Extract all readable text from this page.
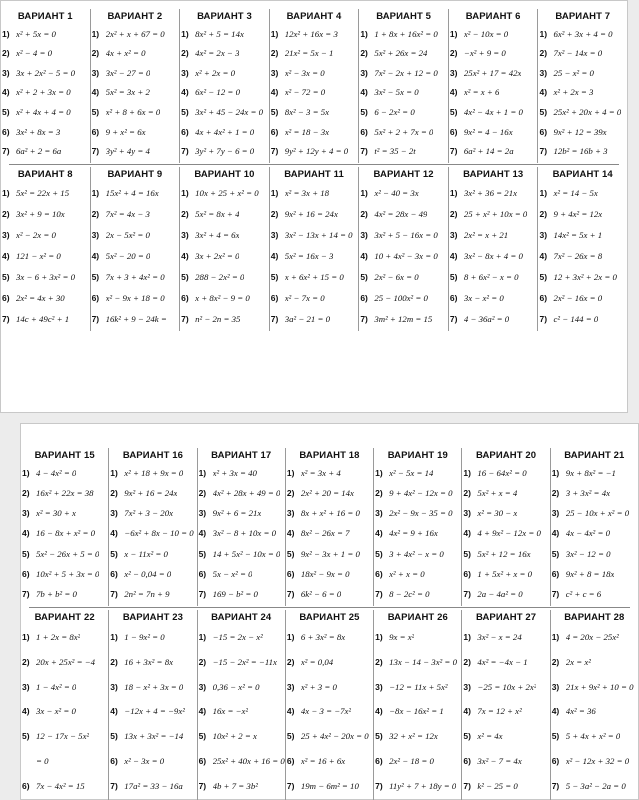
ВАРИАНТ 1
1) x² + 5x = 0
2) x² − 4 = 0
3) 3x + 2x² − 5 = 0
4) x² + 2 + 3x = 0
5) x² + 4x + 4 = 0
6) 3x² + 8x = 3
7) 6a² + 2 = 6a
ВАРИАНТ 2
1) 2x² + x + 67 = 0
2) 4x + x² = 0
3) 3x² − 27 = 0
4) 5x² = 3x + 2
5) x² + 8 + 6x = 0
6) 9 + x² = 6x
7) 3y² + 4y = 4
ВАРИАНТ 3
1) 8x² + 5 = 14x
2) 4x² = 2x − 3
3) x² + 2x = 0
4) 6x² − 12 = 0
5) 3x² + 45 − 24x = 0
6) 4x + 4x² + 1 = 0
7) 3y² + 7y − 6 = 0
ВАРИАНТ 4
1) 12x² + 16x = 3
2) 21x² = 5x − 1
3) x² − 3x = 0
4) x² − 72 = 0
5) 8x² − 3 = 5x
6) x² = 18 − 3x
7) 9y² + 12y + 4 = 0
ВАРИАНТ 5
1) 1 + 8x + 16x² = 0
2) 5x² + 26x = 24
3) 7x² − 2x + 12 = 0
4) 3x² − 5x = 0
5) 6 − 2x² = 0
6) 5x² + 2 + 7x = 0
7) t² = 35 − 2t
ВАРИАНТ 6
1) x² − 10x = 0
2) −x² + 9 = 0
3) 25x² + 17 = 42x
4) x² = x + 6
5) 4x² − 4x + 1 = 0
6) 9x² = 4 − 16x
7) 6a² + 14 = 2a
ВАРИАНТ 7
1) 6x² + 3x + 4 = 0
2) 7x² − 14x = 0
3) 25 − x² = 0
4) x² + 2x = 3
5) 25x² + 20x + 4 = 0
6) 9x² + 12 = 39x
7) 12b² = 16b + 3
ВАРИАНТ 8
1) 5x² = 22x + 15
2) 3x² + 9 = 10x
3) x² − 2x = 0
4) 121 − x² = 0
5) 3x − 6 + 3x² = 0
6) 2x² = 4x + 30
7) 14c + 49c² + 1
ВАРИАНТ 9
1) 15x² + 4 = 16x
2) 7x² = 4x − 3
3) 2x − 5x² = 0
4) 5x² − 20 = 0
5) 7x + 3 + 4x² = 0
6) x² − 9x + 18 = 0
7) 16k² + 9 − 24k =
ВАРИАНТ 10
1) 10x + 25 + x² = 0
2) 5x² = 8x + 4
3) 3x² + 4 = 6x
4) 3x + 2x² = 0
5) 288 − 2x² = 0
6) x + 8x² − 9 = 0
7) n² − 2n = 35
ВАРИАНТ 11
1) x² = 3x + 18
2) 9x² + 16 = 24x
3) 3x² − 13x + 14 = 0
4) 5x² = 16x − 3
5) x + 6x² + 15 = 0
6) x² − 7x = 0
7) 3a² − 21 = 0
ВАРИАНТ 12
1) x² − 40 = 3x
2) 4x² = 28x − 49
3) 3x² + 5 − 16x = 0
4) 10 + 4x² − 3x = 0
5) 2x² − 6x = 0
6) 25 − 100x² = 0
7) 3m² + 12m = 15
ВАРИАНТ 13
1) 3x² + 36 = 21x
2) 25 + x² + 10x = 0
3) 2x² = x + 21
4) 3x² − 8x + 4 = 0
5) 8 + 6x² − x = 0
6) 3x − x² = 0
7) 4 − 36a² = 0
ВАРИАНТ 14
1) x² = 14 − 5x
2) 9 + 4x² = 12x
3) 14x² = 5x + 1
4) 7x² − 26x = 8
5) 12 + 3x² + 2x = 0
6) 2x² − 16x = 0
7) c² − 144 = 0
ВАРИАНТ 15
1) 4 − 4x² = 0
2) 16x² + 22x = 38
3) x² = 30 + x
4) 16 − 8x + x² = 0
5) 5x² − 26x + 5 = 0
6) 10x² + 5 + 3x = 0
7) 7b + b² = 0
ВАРИАНТ 16
1) x² + 18 + 9x = 0
2) 9x² + 16 = 24x
3) 7x² + 3 − 20x
4) −6x² + 8x − 10 = 0
5) x − 11x² = 0
6) x² − 0,04 = 0
7) 2n² = 7n + 9
ВАРИАНТ 17
1) x² + 3x = 40
2) 4x² + 28x + 49 = 0
3) 9x² + 6 = 21x
4) 3x² − 8 + 10x = 0
5) 14 + 5x² − 10x = 0
6) 5x − x² = 0
7) 169 − b² = 0
ВАРИАНТ 18
1) x² = 3x + 4
2) 2x² + 20 = 14x
3) 8x + x² + 16 = 0
4) 8x² − 26x = 7
5) 9x² − 3x + 1 = 0
6) 18x² − 9x = 0
7) 6k² − 6 = 0
ВАРИАНТ 19
1) x² − 5x = 14
2) 9 + 4x² − 12x = 0
3) 2x² − 9x − 35 = 0
4) 4x² = 9 + 16x
5) 3 + 4x² − x = 0
6) x² + x = 0
7) 8 − 2c² = 0
ВАРИАНТ 20
1) 16 − 64x² = 0
2) 5x² + x = 4
3) x² = 30 − x
4) 4 + 9x² − 12x = 0
5) 5x² + 12 = 16x
6) 1 + 5x² + x = 0
7) 2a − 4a² = 0
ВАРИАНТ 21
1) 9x + 8x² = −1
2) 3 + 3x² = 4x
3) 25 − 10x + x² = 0
4) 4x − 4x² = 0
5) 3x² − 12 = 0
6) 9x² + 8 = 18x
7) c² + c = 6
ВАРИАНТ 22
1) 1 + 2x = 8x²
2) 20x + 25x² = −4
3) 1 − 4x² = 0
4) 3x − x² = 0
5) 12 − 17x − 5x²
= 0
6) 7x − 4x² = 15
ВАРИАНТ 23
1) 1 − 9x² = 0
2) 16 + 3x² = 8x
3) 18 − x² + 3x = 0
4) −12x + 4 = −9x²
5) 13x + 3x² = −14
6) x² − 3x = 0
7) 17a² = 33 − 16a
ВАРИАНТ 24
1) −15 = 2x − x²
2) −15 − 2x² = −11x
3) 0,36 − x² = 0
4) 16x = −x²
5) 10x² + 2 = x
6) 25x² + 40x + 16 = 0
7) 4b + 7 = 3b²
ВАРИАНТ 25
1) 6 + 3x² = 8x
2) x² = 0,04
3) x² + 3 = 0
4) 4x − 3 = −7x²
5) 25 + 4x² − 20x = 0
6) x² = 16 + 6x
7) 19m − 6m² = 10
ВАРИАНТ 26
1) 9x = x²
2) 13x − 14 − 3x² = 0
3) −12 = 11x + 5x²
4) −8x − 16x² = 1
5) 32 + x² = 12x
6) 2x² − 18 = 0
7) 11y² + 7 + 18y = 0
ВАРИАНТ 27
1) 3x² − x = 24
2) 4x² = −4x − 1
3) −25 = 10x + 2x²
4) 7x = 12 + x²
5) x² = 4x
6) 3x² − 7 = 4x
7) k² − 25 = 0
ВАРИАНТ 28
1) 4 = 20x − 25x²
2) 2x = x²
3) 21x + 9x² + 10 = 0
4) 4x² = 36
5) 5 + 4x + x² = 0
6) x² − 12x + 32 = 0
7) 5 − 3a² − 2a = 0
